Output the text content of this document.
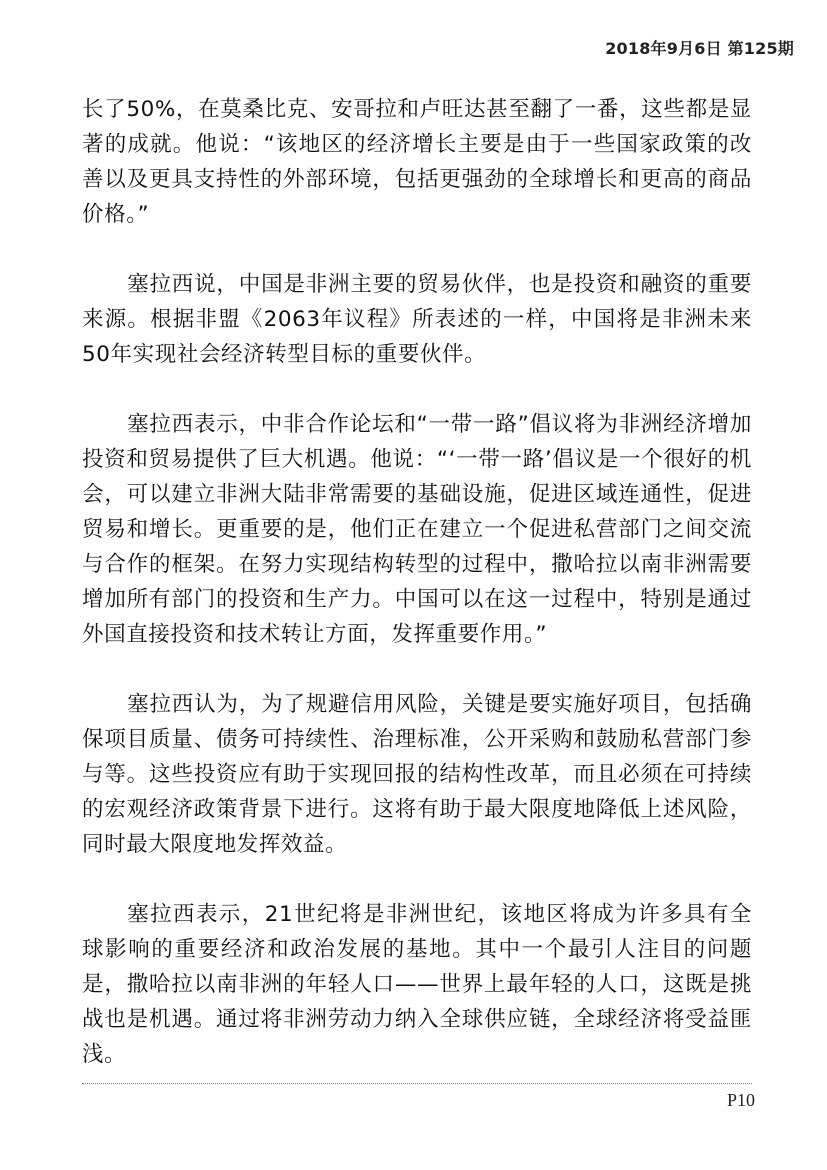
2018年9月6日 第125期

长了50%，在莫桑比克、安哥拉和卢旺达甚至翻了一番，这些都是显著的成就。他说：“该地区的经济增长主要是由于一些国家政策的改善以及更具支持性的外部环境，包括更强劲的全球增长和更高的商品价格。”

塞拉西说，中国是非洲主要的贸易伙伴，也是投资和融资的重要来源。根据非盟《2063年议程》所表述的一样，中国将是非洲未来50年实现社会经济转型目标的重要伙伴。

塞拉西表示，中非合作论坛和“一带一路”倡议将为非洲经济增加投资和贸易提供了巨大机遇。他说：“‘一带一路’倡议是一个很好的机会，可以建立非洲大陆非常需要的基础设施，促进区域连通性，促进贸易和增长。更重要的是，他们正在建立一个促进私营部门之间交流与合作的框架。在努力实现结构转型的过程中，撒哈拉以南非洲需要增加所有部门的投资和生产力。中国可以在这一过程中，特别是通过外国直接投资和技术转让方面，发挥重要作用。”

塞拉西认为，为了规避信用风险，关键是要实施好项目，包括确保项目质量、债务可持续性、治理标准，公开采购和鼓励私营部门参与等。这些投资应有助于实现回报的结构性改革，而且必须在可持续的宏观经济政策背景下进行。这将有助于最大限度地降低上述风险，同时最大限度地发挥效益。

塞拉西表示，21世纪将是非洲世纪，该地区将成为许多具有全球影响的重要经济和政治发展的基地。其中一个最引人注目的问题是，撒哈拉以南非洲的年轻人口——世界上最年轻的人口，这既是挑战也是机遇。通过将非洲劳动力纳入全球供应链，全球经济将受益匪浅。

P10
